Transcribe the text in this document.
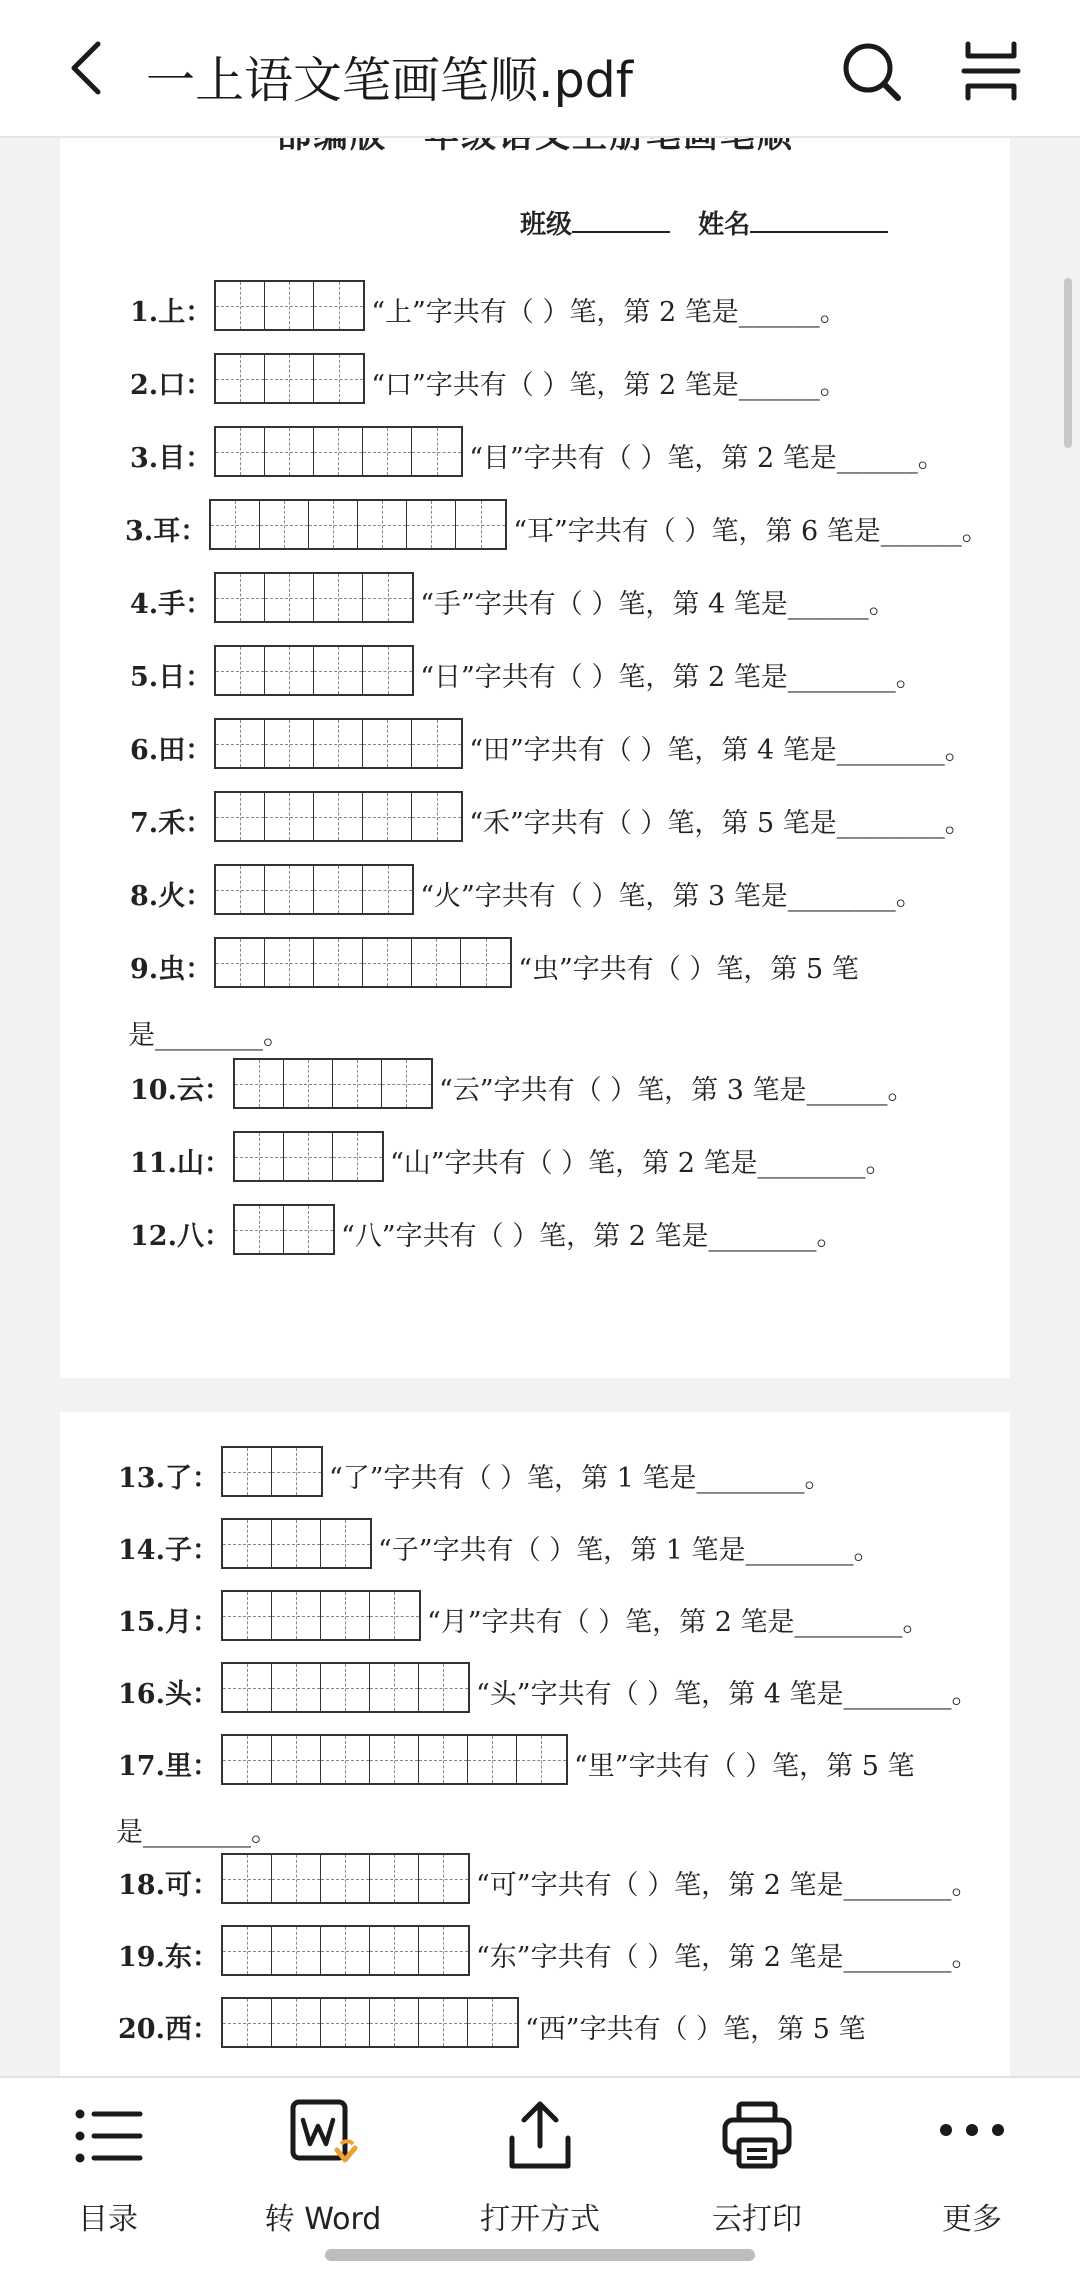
一上语文笔画笔顺.pdf
班级	姓名
1.上：	“上”字共有（ ）笔，第 2 笔是______。
2.口：	“口”字共有（ ）笔，第 2 笔是______。
3.目：	“目”字共有（ ）笔，第 2 笔是______。
3.耳：	“耳”字共有（ ）笔，第 6 笔是______。
4.手：	“手”字共有（ ）笔，第 4 笔是______。
5.日：	“日”字共有（ ）笔，第 2 笔是________。
6.田：	“田”字共有（ ）笔，第 4 笔是________。
7.禾：	“禾”字共有（ ）笔，第 5 笔是________。
8.火：	“火”字共有（ ）笔，第 3 笔是________。
9.虫：	“虫”字共有（ ）笔，第 5 笔
是________。
10.云：	“云”字共有（ ）笔，第 3 笔是______。
11.山：	“山”字共有（ ）笔，第 2 笔是________。
12.八：	“八”字共有（ ）笔，第 2 笔是________。
13.了：	“了”字共有（ ）笔，第 1 笔是________。
14.子：	“子”字共有（ ）笔，第 1 笔是________。
15.月：	“月”字共有（ ）笔，第 2 笔是________。
16.头：	“头”字共有（ ）笔，第 4 笔是________。
17.里：	“里”字共有（ ）笔，第 5 笔
是________。
18.可：	“可”字共有（ ）笔，第 2 笔是________。
19.东：	“东”字共有（ ）笔，第 2 笔是________。
20.西：	“西”字共有（ ）笔，第 5 笔
目录	转 Word	打开方式	云打印	更多
